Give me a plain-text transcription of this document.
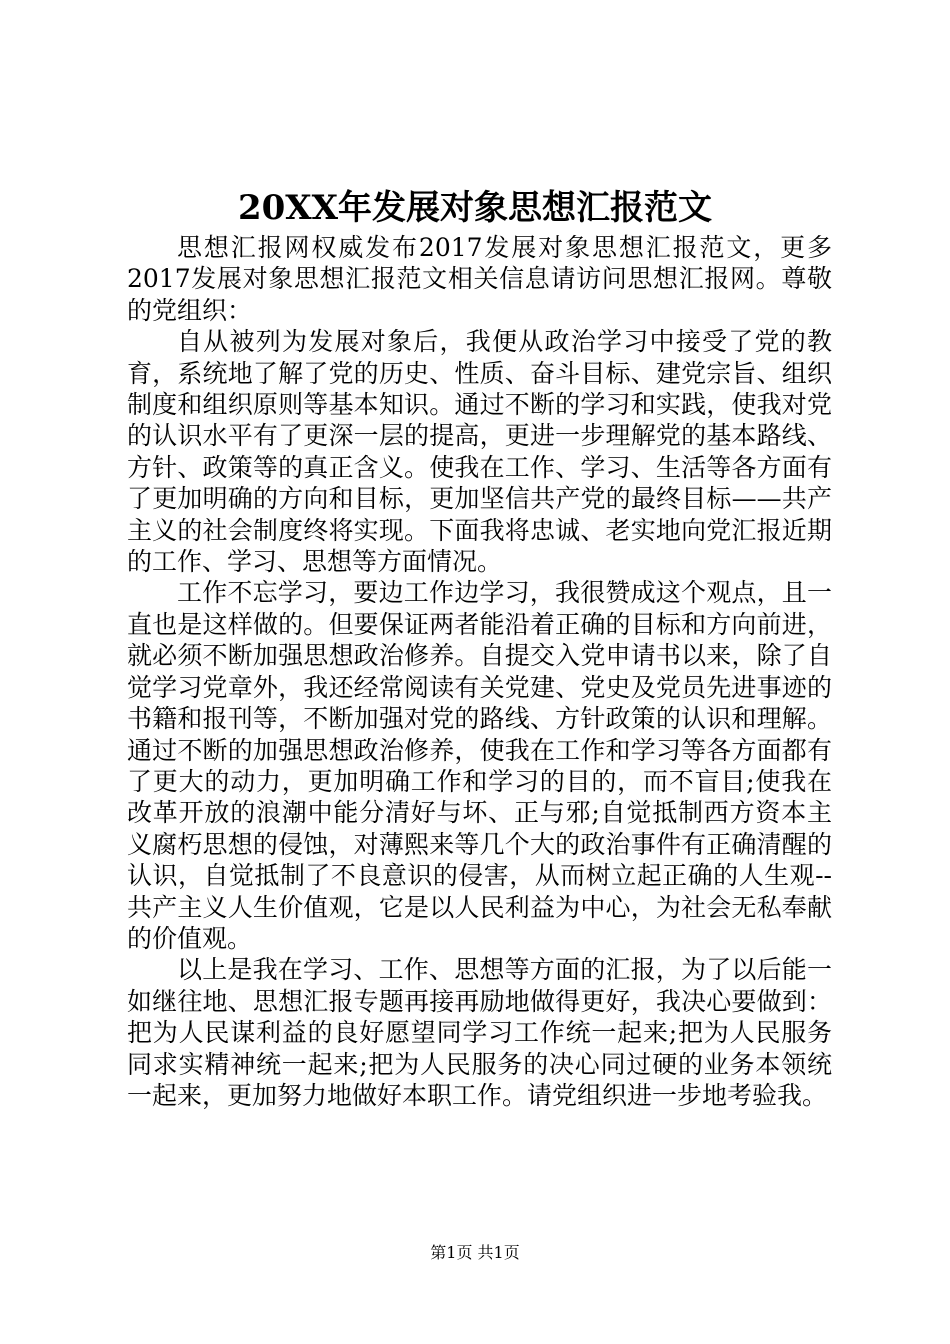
20XX年发展对象思想汇报范文

思想汇报网权威发布2017发展对象思想汇报范文，更多2017发展对象思想汇报范文相关信息请访问思想汇报网。尊敬的党组织：

自从被列为发展对象后，我便从政治学习中接受了党的教育，系统地了解了党的历史、性质、奋斗目标、建党宗旨、组织制度和组织原则等基本知识。通过不断的学习和实践，使我对党的认识水平有了更深一层的提高，更进一步理解党的基本路线、方针、政策等的真正含义。使我在工作、学习、生活等各方面有了更加明确的方向和目标，更加坚信共产党的最终目标——共产主义的社会制度终将实现。下面我将忠诚、老实地向党汇报近期的工作、学习、思想等方面情况。

工作不忘学习，要边工作边学习，我很赞成这个观点，且一直也是这样做的。但要保证两者能沿着正确的目标和方向前进，就必须不断加强思想政治修养。自提交入党申请书以来，除了自觉学习党章外，我还经常阅读有关党建、党史及党员先进事迹的书籍和报刊等，不断加强对党的路线、方针政策的认识和理解。通过不断的加强思想政治修养，使我在工作和学习等各方面都有了更大的动力，更加明确工作和学习的目的，而不盲目;使我在改革开放的浪潮中能分清好与坏、正与邪;自觉抵制西方资本主义腐朽思想的侵蚀，对薄熙来等几个大的政治事件有正确清醒的认识，自觉抵制了不良意识的侵害，从而树立起正确的人生观--共产主义人生价值观，它是以人民利益为中心，为社会无私奉献的价值观。

以上是我在学习、工作、思想等方面的汇报，为了以后能一如继往地、思想汇报专题再接再励地做得更好，我决心要做到：把为人民谋利益的良好愿望同学习工作统一起来;把为人民服务同求实精神统一起来;把为人民服务的决心同过硬的业务本领统一起来，更加努力地做好本职工作。请党组织进一步地考验我。

第1页 共1页
